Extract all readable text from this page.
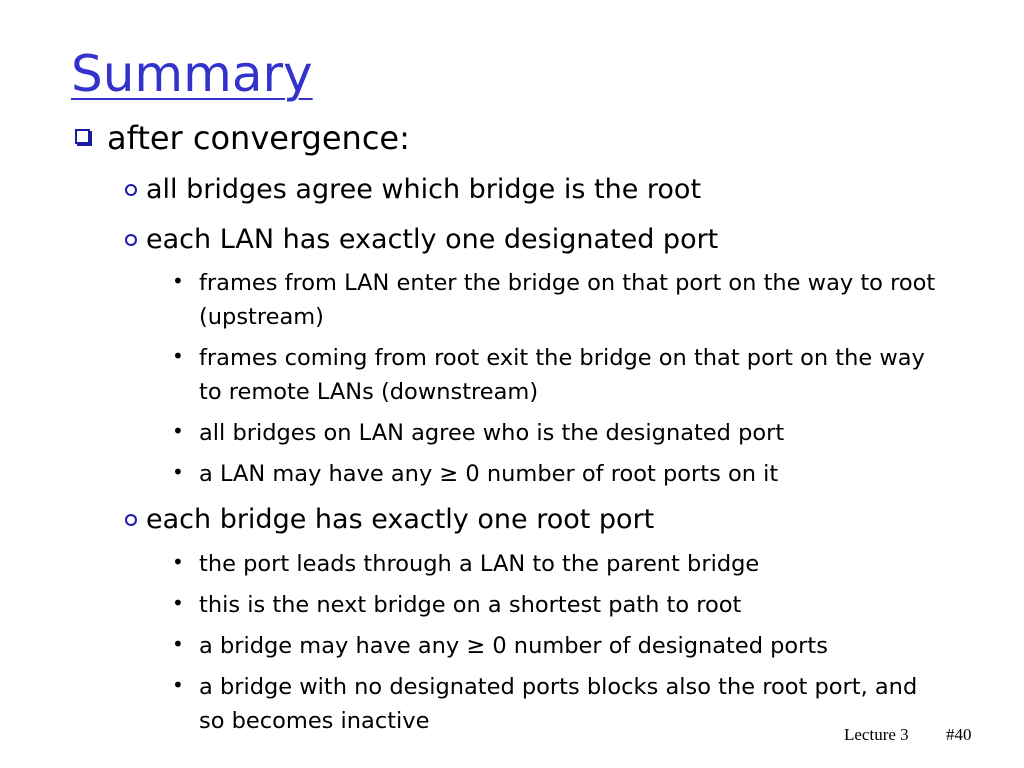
Summary
after convergence:
all bridges agree which bridge is the root
each LAN has exactly one designated port
• frames from LAN enter the bridge on that port on the way to root (upstream)
• frames coming from root exit the bridge on that port on the way to remote LANs (downstream)
• all bridges on LAN agree who is the designated port
• a LAN may have any ≥ 0 number of root ports on it
each bridge has exactly one root port
• the port leads through a LAN to the parent bridge
• this is the next bridge on a shortest path to root
• a bridge may have any ≥ 0 number of designated ports
• a bridge with no designated ports blocks also the root port, and so becomes inactive
Lecture 3 #40
